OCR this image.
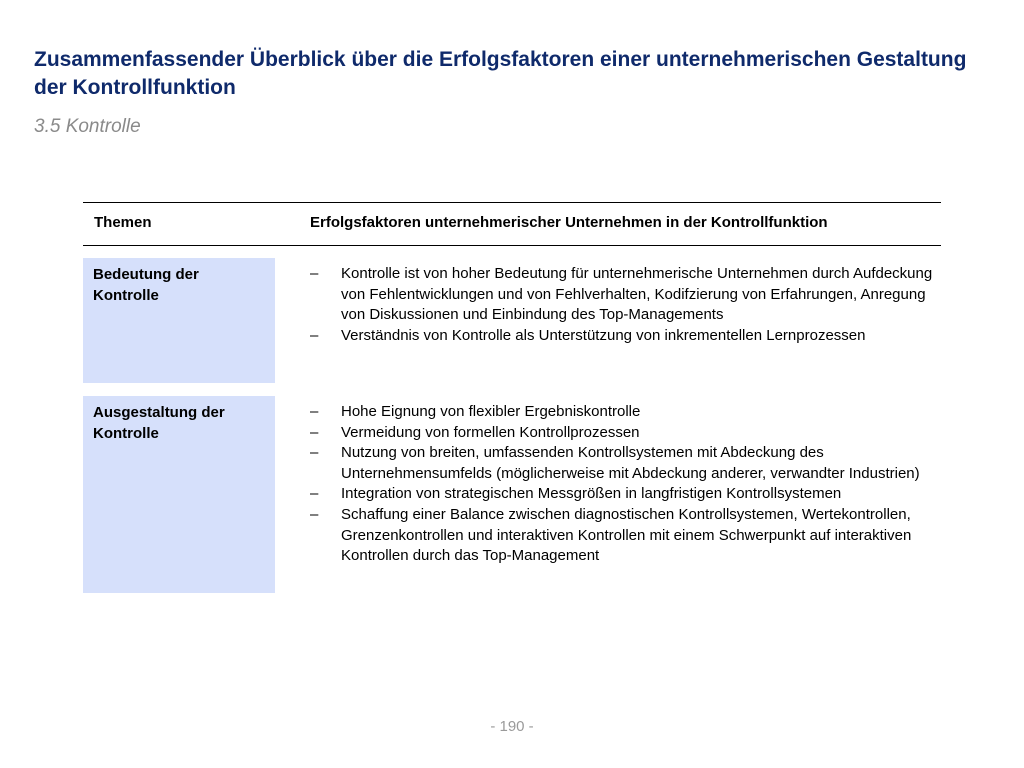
Zusammenfassender Überblick über die Erfolgsfaktoren einer unternehmerischen Gestaltung der Kontrollfunktion

3.5 Kontrolle

Themen	Erfolgsfaktoren unternehmerischer Unternehmen in der Kontrollfunktion
Bedeutung der Kontrolle
– Kontrolle ist von hoher Bedeutung für unternehmerische Unternehmen durch Aufdeckung von Fehlentwicklungen und von Fehlverhalten, Kodifzierung von Erfahrungen, Anregung von Diskussionen und Einbindung des Top-Managements
– Verständnis von Kontrolle als Unterstützung von inkrementellen Lernprozessen
Ausgestaltung der Kontrolle
– Hohe Eignung von flexibler Ergebniskontrolle
– Vermeidung von formellen Kontrollprozessen
– Nutzung von breiten, umfassenden Kontrollsystemen mit Abdeckung des Unternehmensumfelds (möglicherweise mit Abdeckung anderer, verwandter Industrien)
– Integration von strategischen Messgrößen in langfristigen Kontrollsystemen
– Schaffung einer Balance zwischen diagnostischen Kontrollsystemen, Wertekontrollen, Grenzenkontrollen und interaktiven Kontrollen mit einem Schwerpunkt auf interaktiven Kontrollen durch das Top-Management
- 190 -
